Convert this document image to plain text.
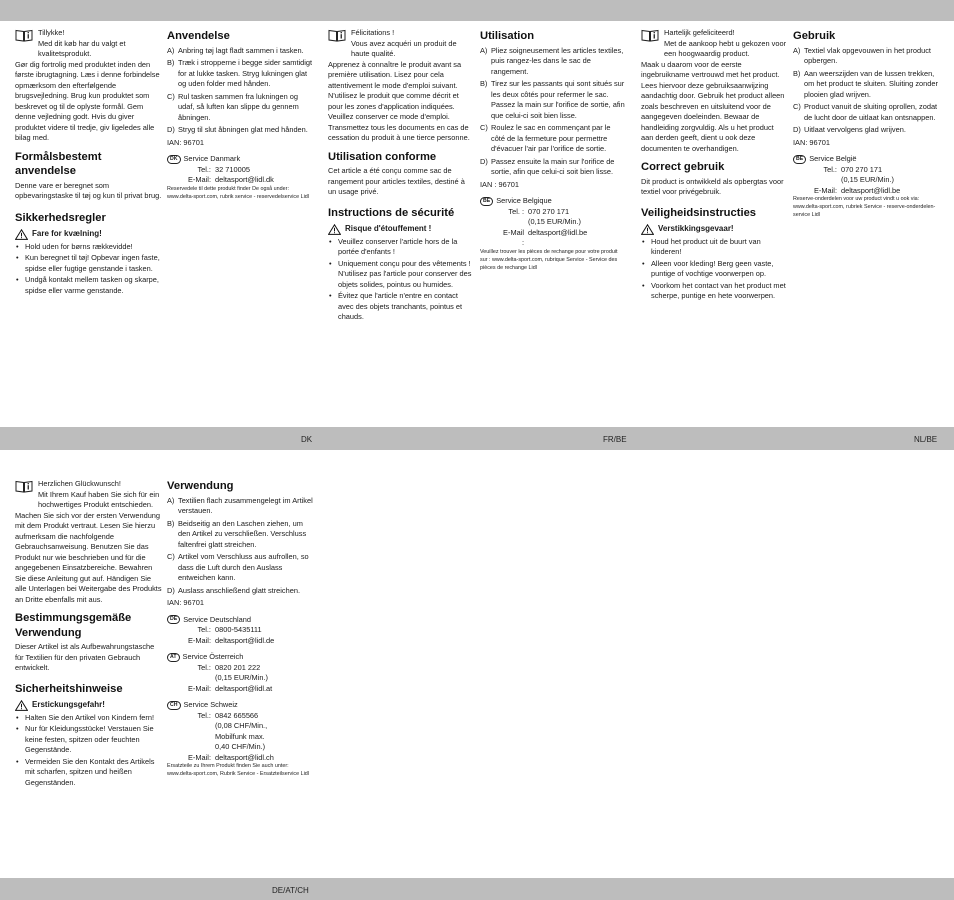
DK	FR/BE	NL/BE
DE/AT/CH

Tillykke!

Med dit køb har du valgt et kvalitetsprodukt.

Gør dig fortrolig med produktet inden den første ibrugtagning. Læs i denne forbindelse opmærksom den efterfølgende brugsvejledning. Brug kun produktet som beskrevet og til de oplyste formål. Gem denne vejledning godt. Hvis du giver produktet videre til tredje, giv ligeledes alle bilag med.

Formålsbestemt anvendelse

Denne vare er beregnet som opbevaringstaske til tøj og kun til privat brug.

Sikkerhedsregler
Fare for kvælning!
• Hold uden for børns rækkevidde!
• Kun beregnet til tøj! Opbevar ingen faste, spidse eller fugtige genstande i tasken.
• Undgå kontakt mellem tasken og skarpe, spidse eller varme genstande.
Anvendelse
A) Anbring tøj lagt fladt sammen i tasken.
B) Træk i stropperne i begge sider samtidigt for at lukke tasken. Stryg lukningen glat og uden folder med hånden.
C) Rul tasken sammen fra lukningen og udaf, så luften kan slippe du gennem åbningen.
D) Stryg til slut åbningen glat med hånden.

IAN: 96701

DK Service Danmark
Tel.: 32 710005
E-Mail: deltasport@lidl.dk

Reservedele til dette produkt finder De også under: www.delta-sport.com, rubrik service - reservedelservice Lidl

Félicitations !

Vous avez acquéri un produit de haute qualité.

Apprenez à connaître le produit avant sa première utilisation. Lisez pour cela attentivement le mode d'emploi suivant. N'utilisez le produit que comme décrit et pour les zones d'application indiquées. Veuillez conserver ce mode d'emploi. Transmettez tous les documents en cas de cessation du produit à une tierce personne.

Utilisation conforme

Cet article a été conçu comme sac de rangement pour articles textiles, destiné à un usage privé.

Instructions de sécurité
Risque d'étouffement !
• Veuillez conserver l'article hors de la portée d'enfants !
• Uniquement conçu pour des vêtements ! N'utilisez pas l'article pour conserver des objets solides, pointus ou humides.
• Évitez que l'article n'entre en contact avec des objets tranchants, pointus et chauds.
Utilisation
A) Pliez soigneusement les articles textiles, puis rangez-les dans le sac de rangement.
B) Tirez sur les passants qui sont situés sur les deux côtés pour refermer le sac. Passez la main sur l'orifice de sortie, afin que celui-ci soit bien lisse.
C) Roulez le sac en commençant par le côté de la fermeture pour permettre d'évacuer l'air par l'orifice de sortie.
D) Passez ensuite la main sur l'orifice de sortie, afin que celui-ci soit bien lisse.

IAN : 96701

BE Service Belgique
Tel. : 070 270 171
(0,15 EUR/Min.)
E-Mail :
deltasport@lidl.be

Veuillez trouver les pièces de rechange pour votre produit sur : www.delta-sport.com, rubrique Service - Service des pièces de rechange Lidl

Hartelijk gefeliciteerd!

Met de aankoop hebt u gekozen voor een hoogwaardig product.

Maak u daarom voor de eerste ingebruikname vertrouwd met het product. Lees hiervoor deze gebruiksaanwijzing aandachtig door. Gebruik het product alleen zoals beschreven en uitsluitend voor de aangegeven doeleinden. Bewaar de handleiding zorgvuldig. Als u het product aan derden geeft, dient u ook deze documenten te overhandigen.

Correct gebruik

Dit product is ontwikkeld als opbergtas voor textiel voor privégebruik.

Veiligheidsinstructies
Verstikkingsgevaar!
• Houd het product uit de buurt van kinderen!
• Alleen voor kleding! Berg geen vaste, puntige of vochtige voorwerpen op.
• Voorkom het contact van het product met scherpe, puntige en hete voorwerpen.
Gebruik
A) Textiel vlak opgevouwen in het product opbergen.
B) Aan weerszijden van de lussen trekken, om het product te sluiten. Sluiting zonder plooien glad wrijven.
C) Product vanuit de sluiting oprollen, zodat de lucht door de uitlaat kan ontsnappen.
D) Uitlaat vervolgens glad wrijven.

IAN: 96701

BE Service België
Tel.: 070 270 171
(0,15 EUR/Min.)
E-Mail: deltasport@lidl.be

Reserve-onderdelen voor uw product vindt u ook via: www.delta-sport.com, rubriek Service - reserve-onderdelen-service Lidl

Herzlichen Glückwunsch!

Mit Ihrem Kauf haben Sie sich für ein hochwertiges Produkt entschieden.

Machen Sie sich vor der ersten Verwendung mit dem Produkt vertraut. Lesen Sie hierzu aufmerksam die nachfolgende Gebrauchsanweisung. Benutzen Sie das Produkt nur wie beschrieben und für die angegebenen Einsatzbereiche. Bewahren Sie diese Anleitung gut auf. Händigen Sie alle Unterlagen bei Weitergabe des Produkts an Dritte ebenfalls mit aus.

Bestimmungsgemäße Verwendung

Dieser Artikel ist als Aufbewahrungstasche für Textilien für den privaten Gebrauch entwickelt.

Sicherheitshinweise
Erstickungsgefahr!
• Halten Sie den Artikel von Kindern fern!
• Nur für Kleidungsstücke! Verstauen Sie keine festen, spitzen oder feuchten Gegenstände.
• Vermeiden Sie den Kontakt des Artikels mit scharfen, spitzen und heißen Gegenständen.
Verwendung
A) Textilien flach zusammengelegt im Artikel verstauen.
B) Beidseitig an den Laschen ziehen, um den Artikel zu verschließen. Verschluss faltenfrei glatt streichen.
C) Artikel vom Verschluss aus aufrollen, so dass die Luft durch den Auslass entweichen kann.
D) Auslass anschließend glatt streichen.

IAN: 96701

DE Service Deutschland
Tel.: 0800-5435111
E-Mail: deltasport@lidl.de
AT Service Österreich
Tel.: 0820 201 222
(0,15 EUR/Min.)
E-Mail: deltasport@lidl.at
CH Service Schweiz
Tel.: 0842 665566
(0,08 CHF/Min.,
Mobilfunk max.
0,40 CHF/Min.)
E-Mail: deltasport@lidl.ch

Ersatzteile zu Ihrem Produkt finden Sie auch unter: www.delta-sport.com, Rubrik Service - Ersatzteilservice Lidl
